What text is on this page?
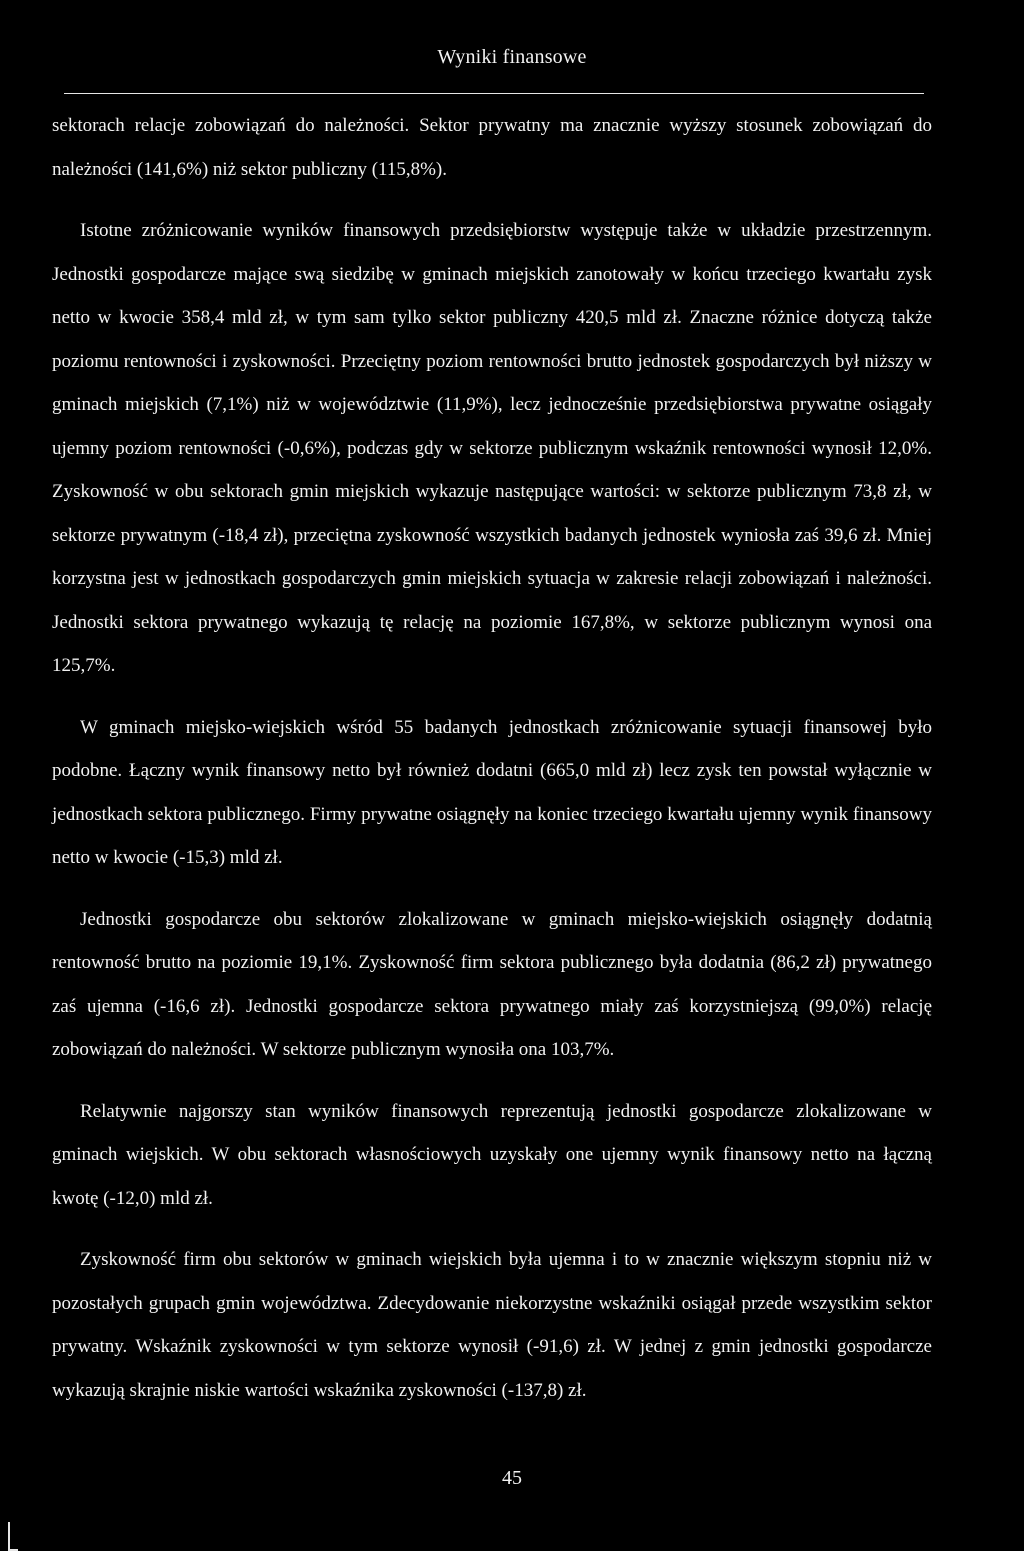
Wyniki finansowe

sektorach relacje zobowiązań do należności. Sektor prywatny ma znacznie wyższy stosunek zobowiązań do należności (141,6%) niż sektor publiczny (115,8%).

Istotne zróżnicowanie wyników finansowych przedsiębiorstw występuje także w układzie przestrzennym. Jednostki gospodarcze mające swą siedzibę w gminach miejskich zanotowały w końcu trzeciego kwartału zysk netto w kwocie 358,4 mld zł, w tym sam tylko sektor publiczny 420,5 mld zł. Znaczne różnice dotyczą także poziomu rentowności i zyskowności. Przeciętny poziom rentowności brutto jednostek gospodarczych był niższy w gminach miejskich (7,1%) niż w województwie (11,9%), lecz jednocześnie przedsiębiorstwa prywatne osiągały ujemny poziom rentowności (-0,6%), podczas gdy w sektorze publicznym wskaźnik rentowności wynosił 12,0%. Zyskowność w obu sektorach gmin miejskich wykazuje następujące wartości: w sektorze publicznym 73,8 zł, w sektorze prywatnym (-18,4 zł), przeciętna zyskowność wszystkich badanych jednostek wyniosła zaś 39,6 zł. Mniej korzystna jest w jednostkach gospodarczych gmin miejskich sytuacja w zakresie relacji zobowiązań i należności. Jednostki sektora prywatnego wykazują tę relację na poziomie 167,8%, w sektorze publicznym wynosi ona 125,7%.

W gminach miejsko-wiejskich wśród 55 badanych jednostkach zróżnicowanie sytuacji finansowej było podobne. Łączny wynik finansowy netto był również dodatni (665,0 mld zł) lecz zysk ten powstał wyłącznie w jednostkach sektora publicznego. Firmy prywatne osiągnęły na koniec trzeciego kwartału ujemny wynik finansowy netto w kwocie (-15,3) mld zł.

Jednostki gospodarcze obu sektorów zlokalizowane w gminach miejsko-wiejskich osiągnęły dodatnią rentowność brutto na poziomie 19,1%. Zyskowność firm sektora publicznego była dodatnia (86,2 zł) prywatnego zaś ujemna (-16,6 zł). Jednostki gospodarcze sektora prywatnego miały zaś korzystniejszą (99,0%) relację zobowiązań do należności. W sektorze publicznym wynosiła ona 103,7%.

Relatywnie najgorszy stan wyników finansowych reprezentują jednostki gospodarcze zlokalizowane w gminach wiejskich. W obu sektorach własnościowych uzyskały one ujemny wynik finansowy netto na łączną kwotę (-12,0) mld zł.

Zyskowność firm obu sektorów w gminach wiejskich była ujemna i to w znacznie większym stopniu niż w pozostałych grupach gmin województwa. Zdecydowanie niekorzystne wskaźniki osiągał przede wszystkim sektor prywatny. Wskaźnik zyskowności w tym sektorze wynosił (-91,6) zł. W jednej z gmin jednostki gospodarcze wykazują skrajnie niskie wartości wskaźnika zyskowności (-137,8) zł.

45
